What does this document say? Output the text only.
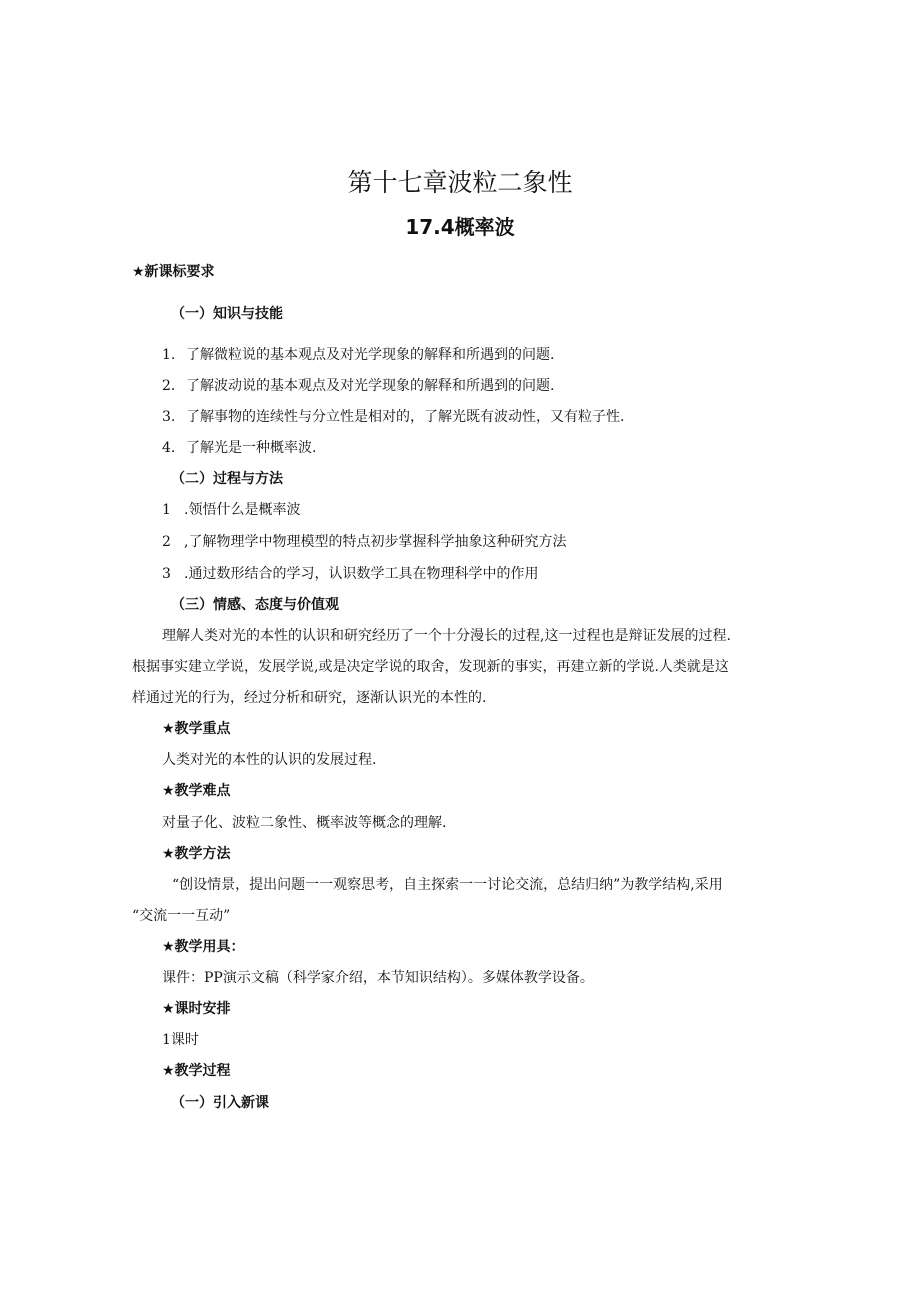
第十七章波粒二象性
17.4概率波
★新课标要求
（一）知识与技能
1. 了解微粒说的基本观点及对光学现象的解释和所遇到的问题.
2. 了解波动说的基本观点及对光学现象的解释和所遇到的问题.
3. 了解事物的连续性与分立性是相对的，了解光既有波动性，又有粒子性.
4. 了解光是一种概率波.
（二）过程与方法
1 .领悟什么是概率波
2 ,了解物理学中物理模型的特点初步掌握科学抽象这种研究方法
3 .通过数形结合的学习，认识数学工具在物理科学中的作用
（三）情感、态度与价值观
理解人类对光的本性的认识和研究经历了一个十分漫长的过程,这一过程也是辩证发展的过程.
根据事实建立学说，发展学说,或是决定学说的取舍，发现新的事实，再建立新的学说.人类就是这
样通过光的行为，经过分析和研究，逐渐认识光的本性的.
★教学重点
人类对光的本性的认识的发展过程.
★教学难点
对量子化、波粒二象性、概率波等概念的理解.
★教学方法
“创设情景，提出问题一一观察思考，自主探索一一讨论交流，总结归纳”为教学结构,采用
“交流一一互动”
★教学用具：
课件：PP演示文稿（科学家介绍，本节知识结构）。多媒体教学设备。
★课时安排
1课时
★教学过程
（一）引入新课
